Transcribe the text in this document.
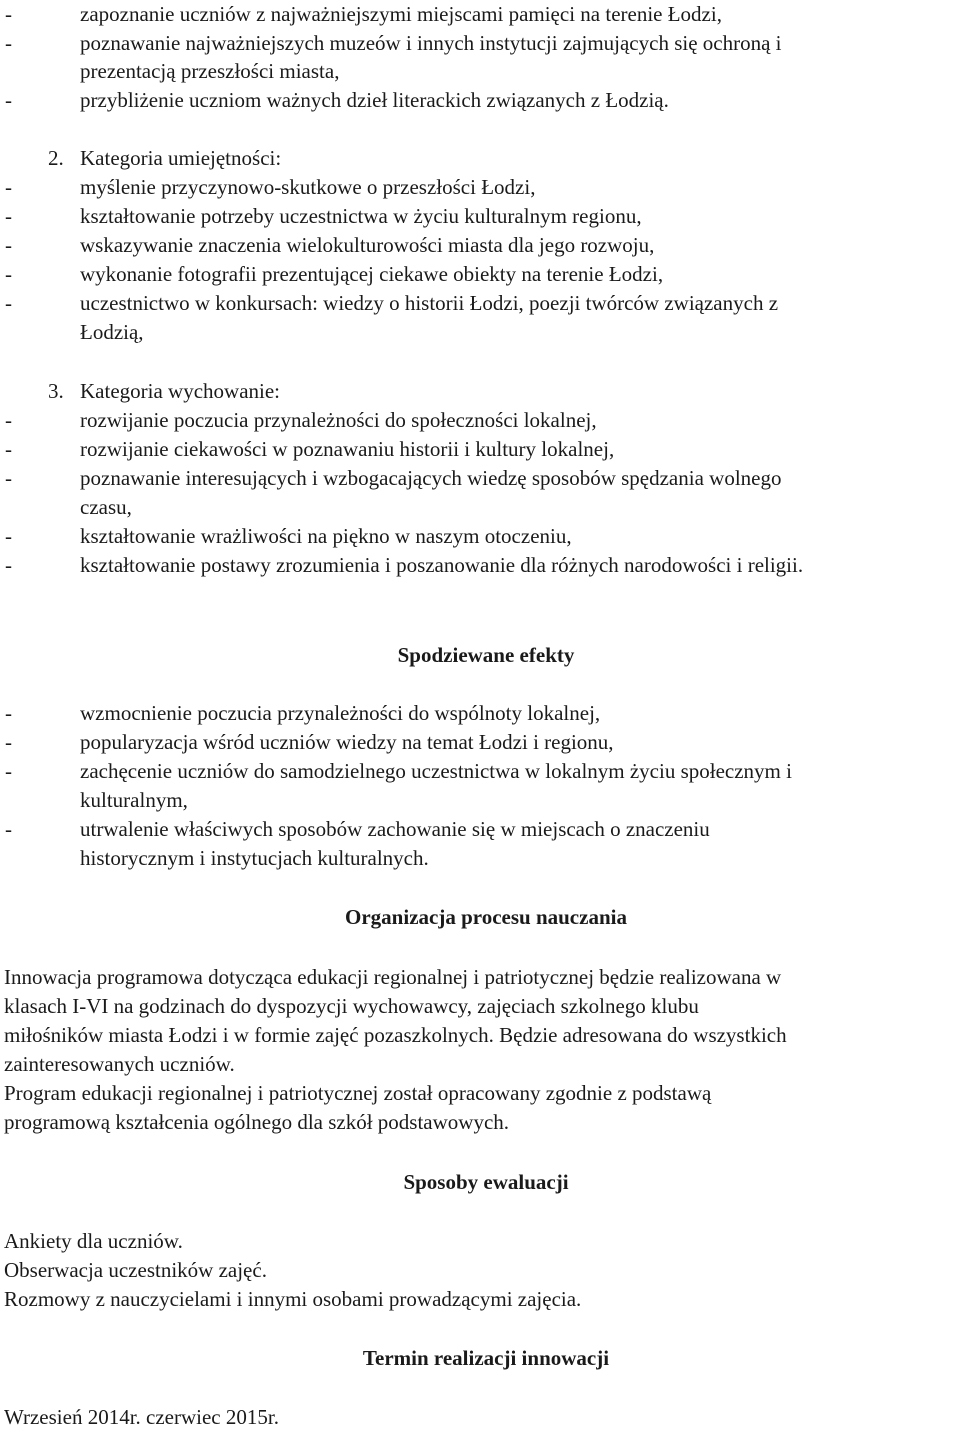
-	zapoznanie uczniów z najważniejszymi miejscami pamięci na terenie Łodzi,
-	poznawanie najważniejszych muzeów i innych instytucji zajmujących się ochroną i
prezentacją przeszłości miasta,
-	przybliżenie uczniom ważnych dzieł literackich związanych z Łodzią.
2. Kategoria umiejętności:
-	myślenie przyczynowo-skutkowe o przeszłości Łodzi,
-	kształtowanie potrzeby uczestnictwa w życiu kulturalnym regionu,
-	wskazywanie znaczenia wielokulturowości miasta dla jego rozwoju,
-	wykonanie fotografii prezentującej ciekawe obiekty na terenie Łodzi,
-	uczestnictwo w konkursach: wiedzy o historii Łodzi, poezji twórców związanych z
Łodzią,
3. Kategoria wychowanie:
-	rozwijanie poczucia przynależności do społeczności lokalnej,
-	rozwijanie ciekawości w poznawaniu historii i kultury lokalnej,
-	poznawanie interesujących i wzbogacających wiedzę sposobów spędzania wolnego
czasu,
-	kształtowanie wrażliwości na piękno w naszym otoczeniu,
-	kształtowanie postawy zrozumienia i poszanowanie dla różnych narodowości i religii.
Spodziewane efekty
-	wzmocnienie poczucia przynależności do wspólnoty lokalnej,
-	popularyzacja wśród uczniów wiedzy na temat Łodzi i regionu,
-	zachęcenie uczniów do samodzielnego uczestnictwa w lokalnym życiu społecznym i
kulturalnym,
-	utrwalenie właściwych sposobów zachowanie się w miejscach o znaczeniu
historycznym i instytucjach kulturalnych.
Organizacja procesu nauczania
Innowacja programowa dotycząca edukacji regionalnej i patriotycznej będzie realizowana w
klasach I-VI na godzinach do dyspozycji wychowawcy, zajęciach szkolnego klubu
miłośników miasta Łodzi i w formie zajęć pozaszkolnych. Będzie adresowana do wszystkich
zainteresowanych uczniów.
Program edukacji regionalnej i patriotycznej został opracowany zgodnie z podstawą
programową kształcenia ogólnego dla szkół podstawowych.
Sposoby ewaluacji
Ankiety dla uczniów.
Obserwacja uczestników zajęć.
Rozmowy z nauczycielami i innymi osobami prowadzącymi zajęcia.
Termin realizacji innowacji
Wrzesień 2014r. czerwiec 2015r.
